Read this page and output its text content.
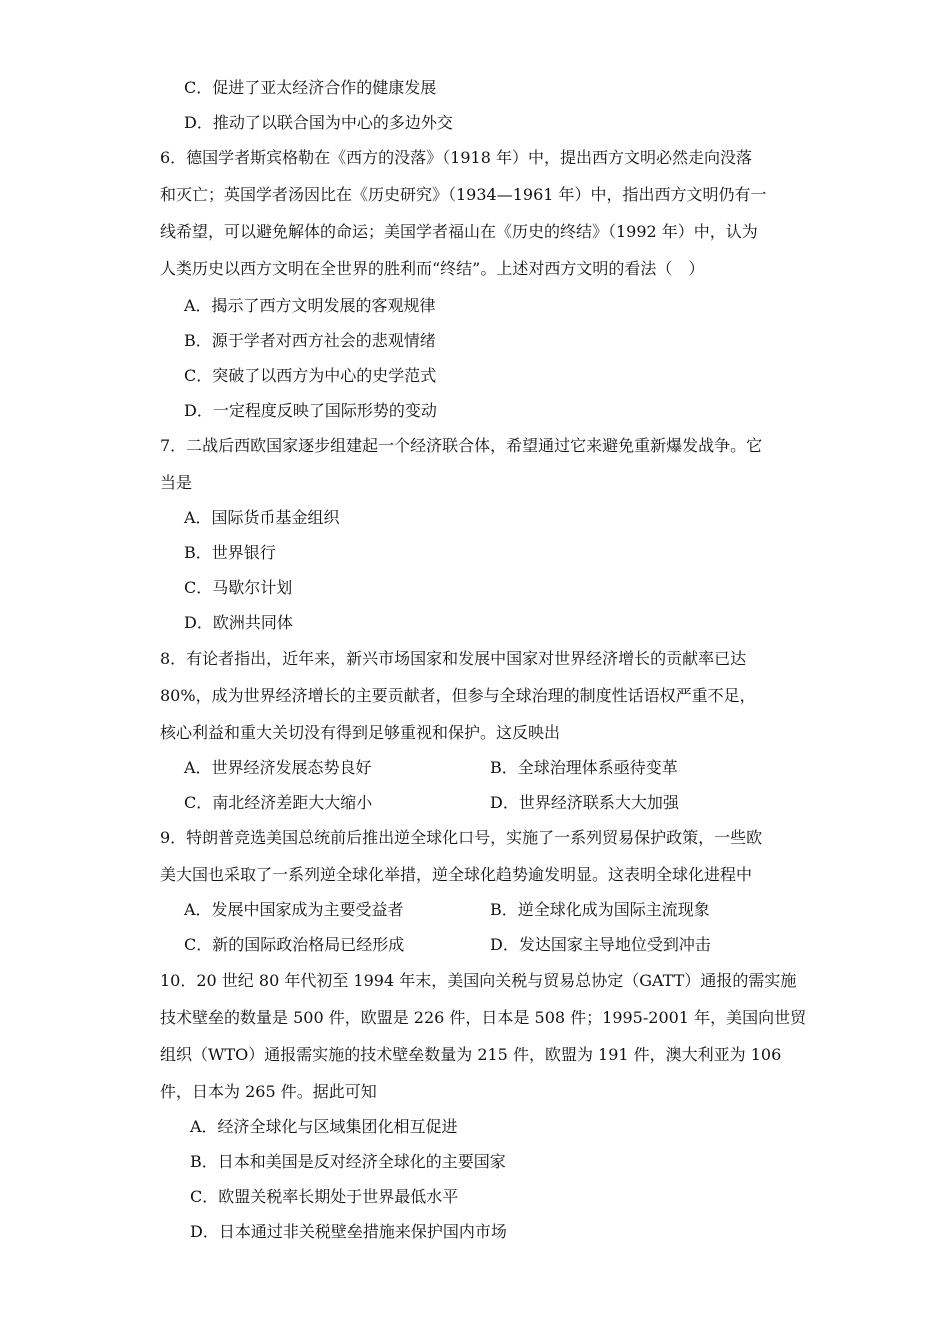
C．促进了亚太经济合作的健康发展
D．推动了以联合国为中心的多边外交
6．德国学者斯宾格勒在《西方的没落》（1918 年）中，提出西方文明必然走向没落
和灭亡；英国学者汤因比在《历史研究》（1934—1961 年）中，指出西方文明仍有一
线希望，可以避免解体的命运；美国学者福山在《历史的终结》（1992 年）中，认为
人类历史以西方文明在全世界的胜利而“终结”。上述对西方文明的看法（　）
A．揭示了西方文明发展的客观规律
B．源于学者对西方社会的悲观情绪
C．突破了以西方为中心的史学范式
D．一定程度反映了国际形势的变动
7．二战后西欧国家逐步组建起一个经济联合体，希望通过它来避免重新爆发战争。它
当是
A．国际货币基金组织
B．世界银行
C．马歇尔计划
D．欧洲共同体
8．有论者指出，近年来，新兴市场国家和发展中国家对世界经济增长的贡献率已达
80%，成为世界经济增长的主要贡献者，但参与全球治理的制度性话语权严重不足，
核心利益和重大关切没有得到足够重视和保护。这反映出
A．世界经济发展态势良好	B．全球治理体系亟待变革
C．南北经济差距大大缩小	D．世界经济联系大大加强
9．特朗普竞选美国总统前后推出逆全球化口号，实施了一系列贸易保护政策，一些欧
美大国也采取了一系列逆全球化举措，逆全球化趋势逾发明显。这表明全球化进程中
A．发展中国家成为主要受益者	B．逆全球化成为国际主流现象
C．新的国际政治格局已经形成	D．发达国家主导地位受到冲击
10．20 世纪 80 年代初至 1994 年末，美国向关税与贸易总协定（GATT）通报的需实施
技术壁垒的数量是 500 件，欧盟是 226 件，日本是 508 件；1995-2001 年，美国向世贸
组织（WTO）通报需实施的技术壁垒数量为 215 件，欧盟为 191 件，澳大利亚为 106
件，日本为 265 件。据此可知
A．经济全球化与区域集团化相互促进
B．日本和美国是反对经济全球化的主要国家
C．欧盟关税率长期处于世界最低水平
D．日本通过非关税壁垒措施来保护国内市场
